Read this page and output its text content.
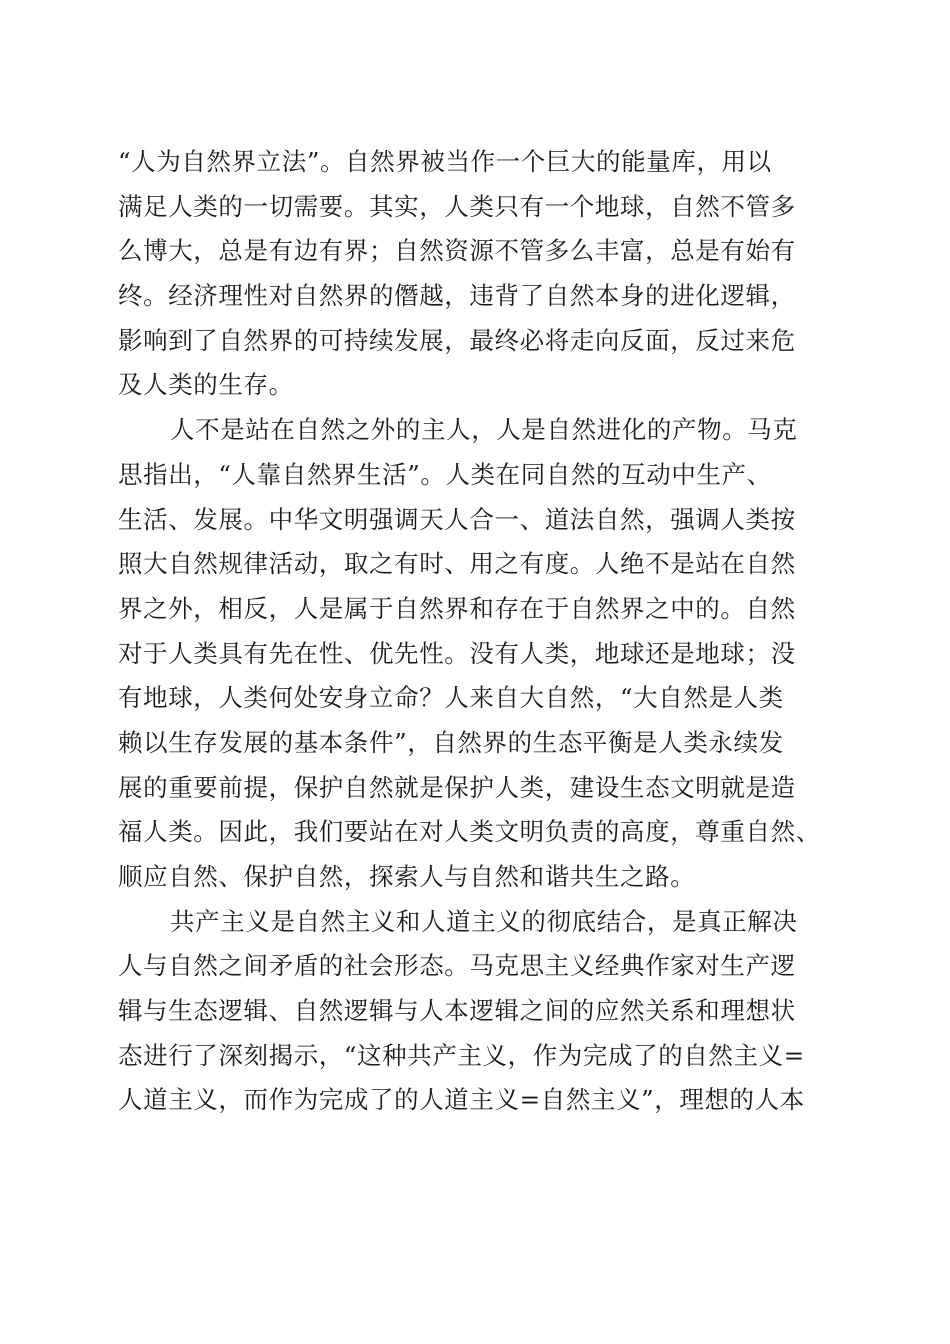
“人为自然界立法”。自然界被当作一个巨大的能量库，用以
满足人类的一切需要。其实，人类只有一个地球，自然不管多
么博大，总是有边有界；自然资源不管多么丰富，总是有始有
终。经济理性对自然界的僭越，违背了自然本身的进化逻辑，
影响到了自然界的可持续发展，最终必将走向反面，反过来危
及人类的生存。
人不是站在自然之外的主人，人是自然进化的产物。马克
思指出，“人靠自然界生活”。人类在同自然的互动中生产、
生活、发展。中华文明强调天人合一、道法自然，强调人类按
照大自然规律活动，取之有时、用之有度。人绝不是站在自然
界之外，相反，人是属于自然界和存在于自然界之中的。自然
对于人类具有先在性、优先性。没有人类，地球还是地球；没
有地球，人类何处安身立命？人来自大自然，“大自然是人类
赖以生存发展的基本条件”，自然界的生态平衡是人类永续发
展的重要前提，保护自然就是保护人类，建设生态文明就是造
福人类。因此，我们要站在对人类文明负责的高度，尊重自然、
顺应自然、保护自然，探索人与自然和谐共生之路。
共产主义是自然主义和人道主义的彻底结合，是真正解决
人与自然之间矛盾的社会形态。马克思主义经典作家对生产逻
辑与生态逻辑、自然逻辑与人本逻辑之间的应然关系和理想状
态进行了深刻揭示，“这种共产主义，作为完成了的自然主义=
人道主义，而作为完成了的人道主义=自然主义”，理想的人本
